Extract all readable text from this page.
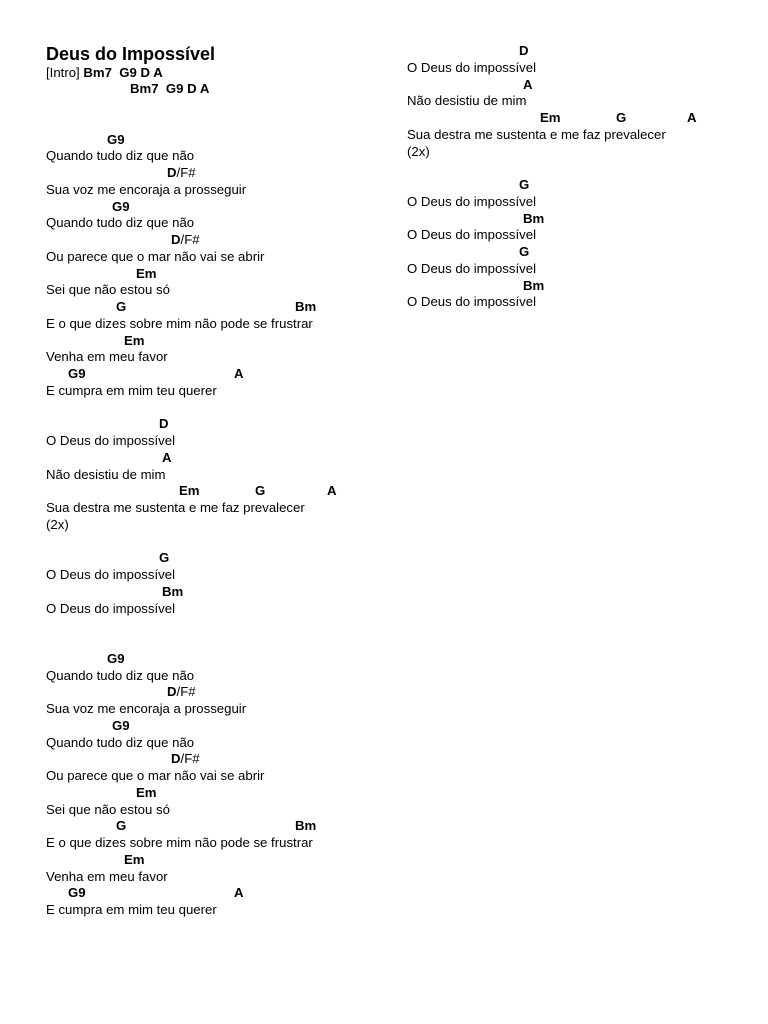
Deus do Impossível
[Intro] Bm7  G9 D A
Bm7  G9 D A
G9
Quando tudo diz que não
D/F#
Sua voz me encoraja a prosseguir
G9
Quando tudo diz que não
D/F#
Ou parece que o mar não vai se abrir
Em
Sei que não estou só
G	Bm
E o que dizes sobre mim não pode se frustrar
Em
Venha em meu favor
G9	A
E cumpra em mim teu querer
D
O Deus do impossível
A
Não desistiu de mim
Em	G	A
Sua destra me sustenta e me faz prevalecer
(2x)
G
O Deus do impossível
Bm
O Deus do impossível
G9
Quando tudo diz que não
D/F#
Sua voz me encoraja a prosseguir
G9
Quando tudo diz que não
D/F#
Ou parece que o mar não vai se abrir
Em
Sei que não estou só
G	Bm
E o que dizes sobre mim não pode se frustrar
Em
Venha em meu favor
G9	A
E cumpra em mim teu querer
D
O Deus do impossível
A
Não desistiu de mim
Em	G	A
Sua destra me sustenta e me faz prevalecer
(2x)
G
O Deus do impossível
Bm
O Deus do impossível
G
O Deus do impossível
Bm
O Deus do impossível
